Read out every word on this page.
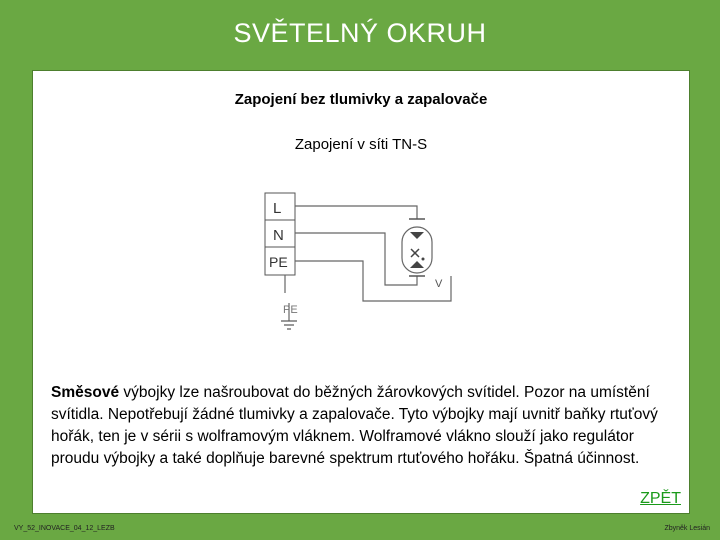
SVĚTELNÝ OKRUH
Zapojení bez tlumivky a zapalovače
Zapojení v síti TN-S
L
N
PE
V
PE
Směsové výbojky lze našroubovat do běžných žárovkových svítidel. Pozor na umístění svítidla. Nepotřebují žádné tlumivky a zapalovače. Tyto výbojky mají uvnitř baňky rtuťový hořák, ten je v sérii s wolframovým vláknem. Wolframové vlákno slouží jako regulátor proudu výbojky a také doplňuje barevné spektrum rtuťového hořáku. Špatná účinnost.
ZPĚT
VY_52_INOVACE_04_12_LEZB	Zbyněk Lesián
